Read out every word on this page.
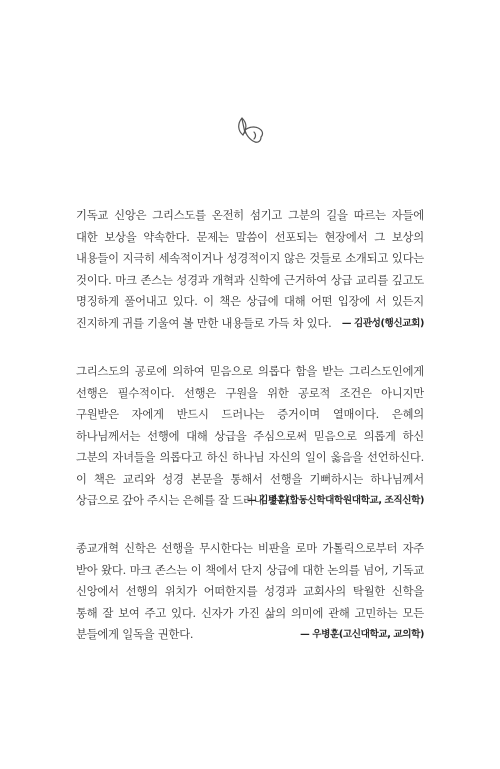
기독교 신앙은 그리스도를 온전히 섬기고 그분의 길을 따르는 자들에 대한 보상을 약속한다. 문제는 말씀이 선포되는 현장에서 그 보상의 내용들이 지극히 세속적이거나 성경적이지 않은 것들로 소개되고 있다는 것이다. 마크 존스는 성경과 개혁과 신학에 근거하여 상급 교리를 깊고도 명징하게 풀어내고 있다. 이 책은 상급에 대해 어떤 입장에 서 있든지 진지하게 귀를 기울여 볼 만한 내용들로 가득 차 있다.	— 김관성(행신교회)

그리스도의 공로에 의하여 믿음으로 의롭다 함을 받는 그리스도인에게 선행은 필수적이다. 선행은 구원을 위한 공로적 조건은 아니지만 구원받은 자에게 반드시 드러나는 증거이며 열매이다. 은혜의 하나님께서는 선행에 대해 상급을 주심으로써 믿음으로 의롭게 하신 그분의 자녀들을 의롭다고 하신 하나님 자신의 일이 옳음을 선언하신다. 이 책은 교리와 성경 본문을 통해서 선행을 기뻐하시는 하나님께서 상급으로 갚아 주시는 은혜를 잘 드러내 준다.

— 김병훈(합동신학대학원대학교, 조직신학)

종교개혁 신학은 선행을 무시한다는 비판을 로마 가톨릭으로부터 자주 받아 왔다. 마크 존스는 이 책에서 단지 상급에 대한 논의를 넘어, 기독교 신앙에서 선행의 위치가 어떠한지를 성경과 교회사의 탁월한 신학을 통해 잘 보여 주고 있다. 신자가 가진 삶의 의미에 관해 고민하는 모든 분들에게 일독을 권한다.	— 우병훈(고신대학교, 교의학)
